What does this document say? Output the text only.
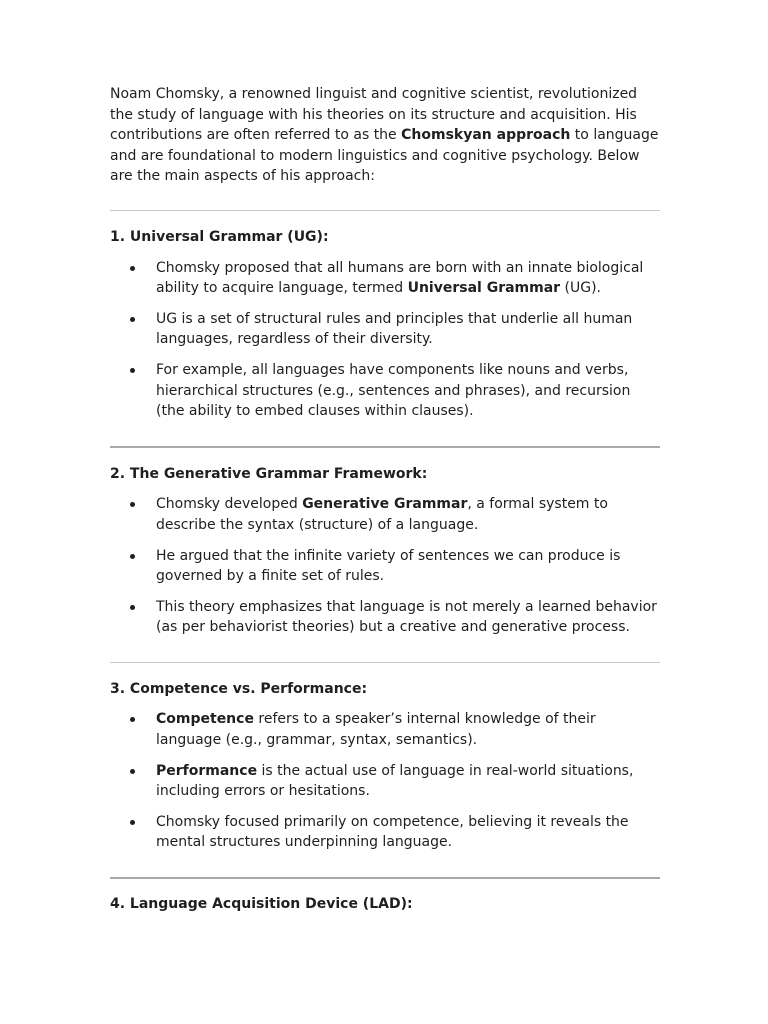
Noam Chomsky, a renowned linguist and cognitive scientist, revolutionized the study of language with his theories on its structure and acquisition. His contributions are often referred to as the Chomskyan approach to language and are foundational to modern linguistics and cognitive psychology. Below are the main aspects of his approach:

1. Universal Grammar (UG):

Chomsky proposed that all humans are born with an innate biological ability to acquire language, termed Universal Grammar (UG).
UG is a set of structural rules and principles that underlie all human languages, regardless of their diversity.
For example, all languages have components like nouns and verbs, hierarchical structures (e.g., sentences and phrases), and recursion (the ability to embed clauses within clauses).

2. The Generative Grammar Framework:

Chomsky developed Generative Grammar, a formal system to describe the syntax (structure) of a language.
He argued that the infinite variety of sentences we can produce is governed by a finite set of rules.
This theory emphasizes that language is not merely a learned behavior (as per behaviorist theories) but a creative and generative process.

3. Competence vs. Performance:

Competence refers to a speaker’s internal knowledge of their language (e.g., grammar, syntax, semantics).
Performance is the actual use of language in real-world situations, including errors or hesitations.
Chomsky focused primarily on competence, believing it reveals the mental structures underpinning language.

4. Language Acquisition Device (LAD):
